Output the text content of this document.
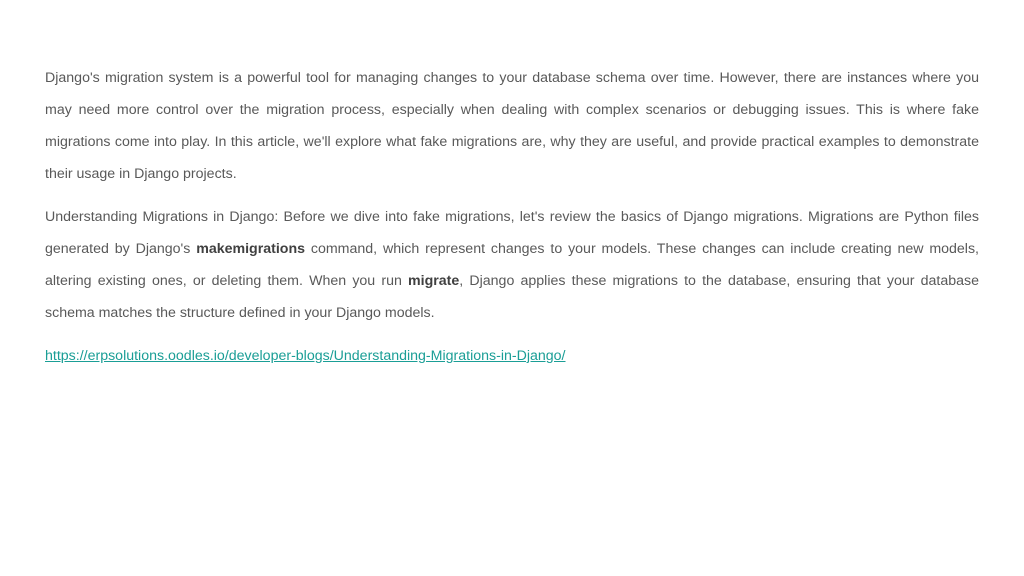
Django's migration system is a powerful tool for managing changes to your database schema over time. However, there are instances where you may need more control over the migration process, especially when dealing with complex scenarios or debugging issues. This is where fake migrations come into play. In this article, we'll explore what fake migrations are, why they are useful, and provide practical examples to demonstrate their usage in Django projects.

Understanding Migrations in Django: Before we dive into fake migrations, let's review the basics of Django migrations. Migrations are Python files generated by Django's makemigrations command, which represent changes to your models. These changes can include creating new models, altering existing ones, or deleting them. When you run migrate, Django applies these migrations to the database, ensuring that your database schema matches the structure defined in your Django models.

https://erpsolutions.oodles.io/developer-blogs/Understanding-Migrations-in-Django/
